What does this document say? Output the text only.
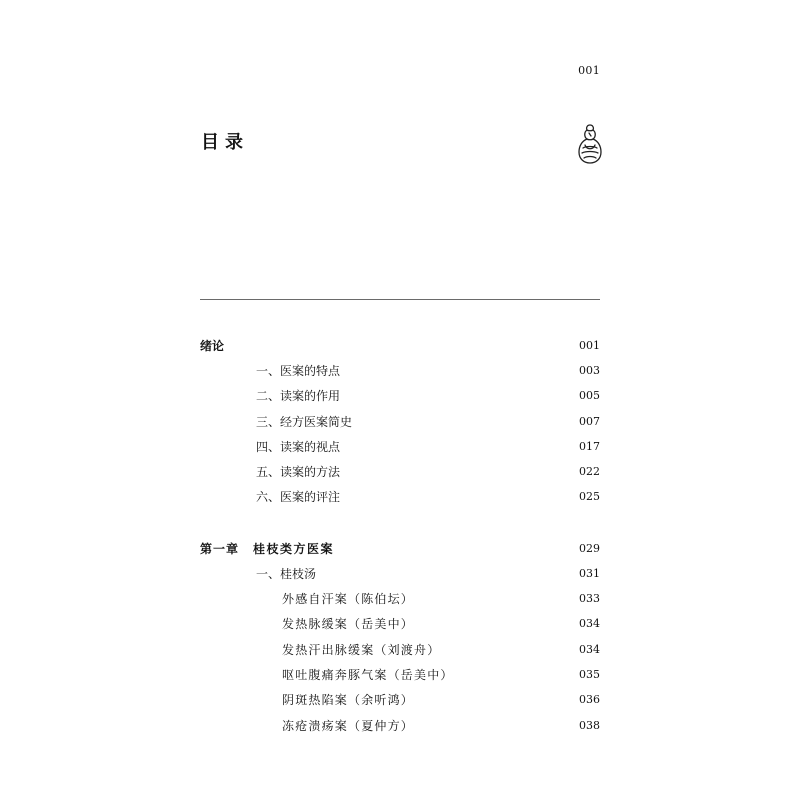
001
目录
绪论	001
一、医案的特点	003
二、读案的作用	005
三、经方医案简史	007
四、读案的视点	017
五、读案的方法	022
六、医案的评注	025
第一章 桂枝类方医案	029
一、桂枝汤	031
外感自汗案（陈伯坛）	033
发热脉缓案（岳美中）	034
发热汗出脉缓案（刘渡舟）	034
呕吐腹痛奔豚气案（岳美中）	035
阴斑热陷案（余听鸿）	036
冻疮溃疡案（夏仲方）	038
